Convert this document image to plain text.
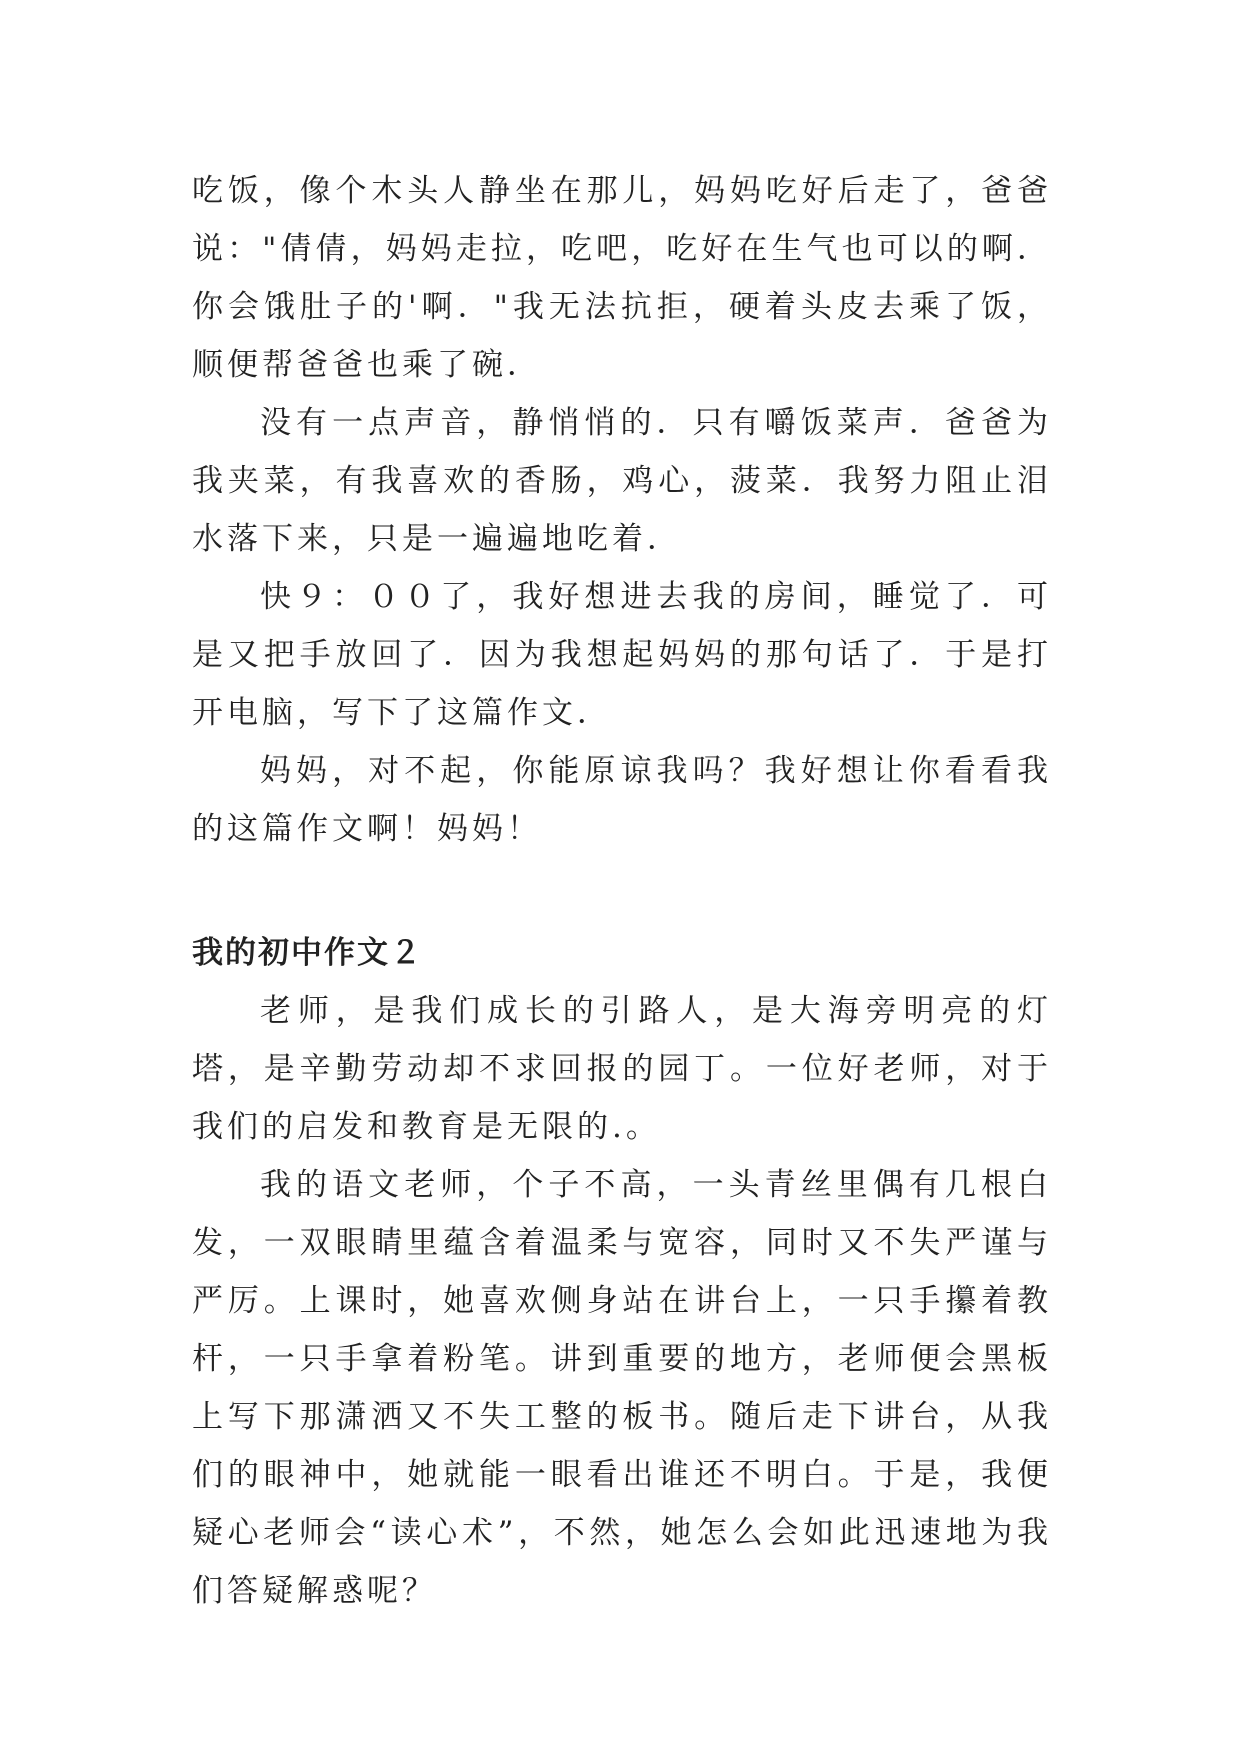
吃饭，像个木头人静坐在那儿，妈妈吃好后走了，爸爸说："倩倩，妈妈走拉，吃吧，吃好在生气也可以的啊．你会饿肚子的'啊．"我无法抗拒，硬着头皮去乘了饭，顺便帮爸爸也乘了碗．

没有一点声音，静悄悄的．只有嚼饭菜声．爸爸为我夹菜，有我喜欢的香肠，鸡心，菠菜．我努力阻止泪水落下来，只是一遍遍地吃着．

快９：００了，我好想进去我的房间，睡觉了．可是又把手放回了．因为我想起妈妈的那句话了．于是打开电脑，写下了这篇作文．

妈妈，对不起，你能原谅我吗？我好想让你看看我的这篇作文啊！妈妈！

我的初中作文２

老师，是我们成长的引路人，是大海旁明亮的灯塔，是辛勤劳动却不求回报的园丁。一位好老师，对于我们的启发和教育是无限的.。

我的语文老师，个子不高，一头青丝里偶有几根白发，一双眼睛里蕴含着温柔与宽容，同时又不失严谨与严厉。上课时，她喜欢侧身站在讲台上，一只手攥着教杆，一只手拿着粉笔。讲到重要的地方，老师便会黑板上写下那潇洒又不失工整的板书。随后走下讲台，从我们的眼神中，她就能一眼看出谁还不明白。于是，我便疑心老师会“读心术”，不然，她怎么会如此迅速地为我们答疑解惑呢？
